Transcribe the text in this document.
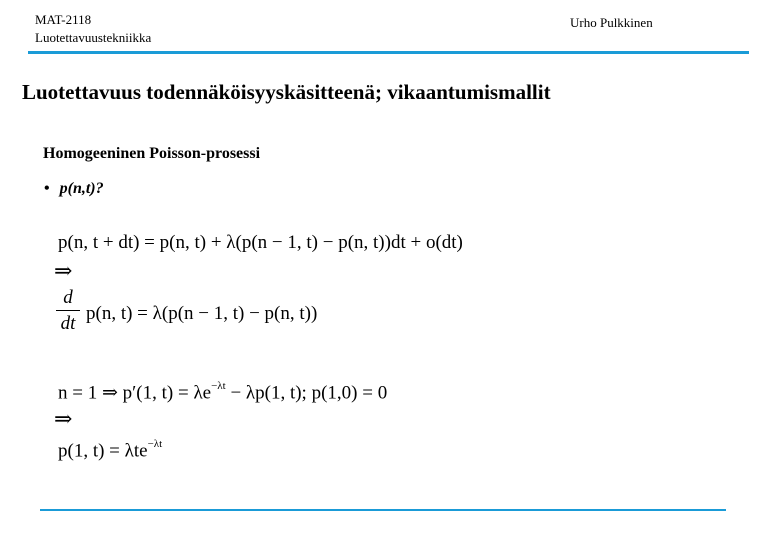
MAT-2118
Luotettavuustekniikka
Urho Pulkkinen
Luotettavuus todennäköisyyskäsitteenä; vikaantumismallit
Homogeeninen Poisson-prosessi
• p(n,t)?
p(n, t + dt) = p(n, t) + λ(p(n − 1, t) − p(n, t))dt + o(dt)
⇒
d
dt p(n, t) = λ(p(n − 1, t) − p(n, t))
n = 1 ⇒ p′(1, $t) = \lambda e^{-\lambda t} - \lambda p(1$, t); p(1,0) = 0
⇒
p(1, t) = λte$^{-\lambda t}$
